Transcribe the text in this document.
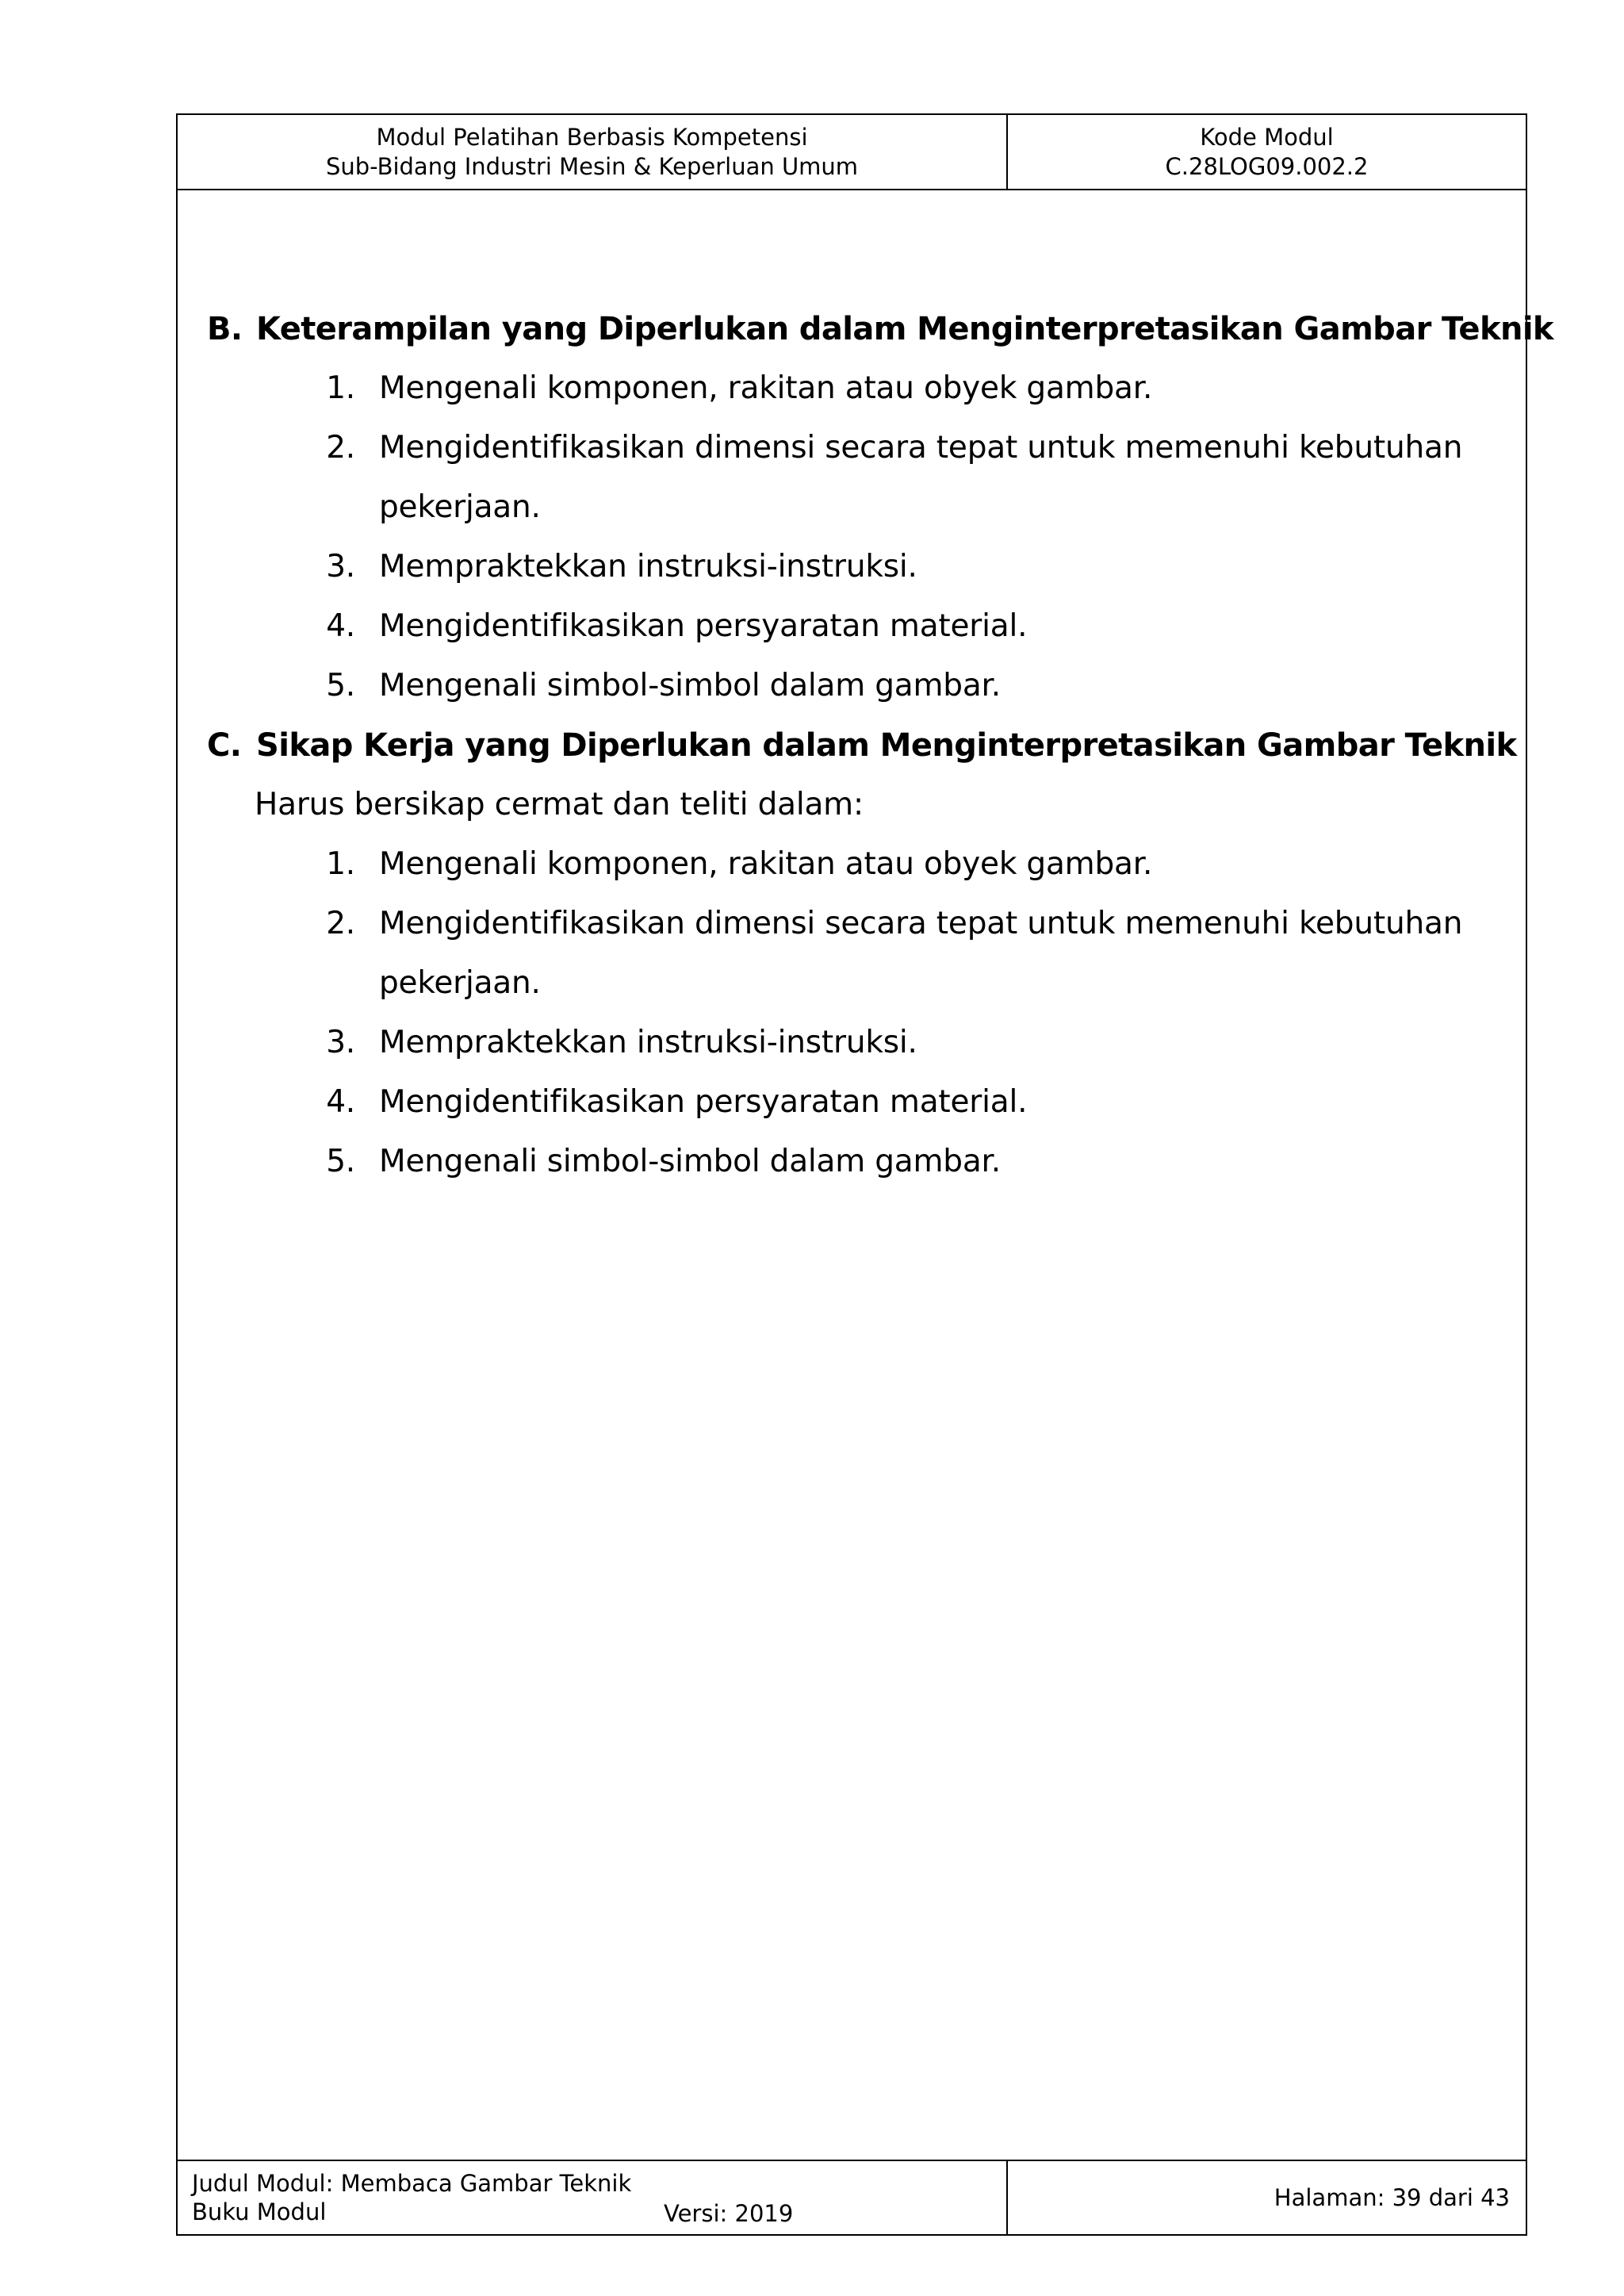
Modul Pelatihan Berbasis Kompetensi
Sub-Bidang Industri Mesin & Keperluan Umum
Kode Modul
C.28LOG09.002.2
B. Keterampilan yang Diperlukan dalam Menginterpretasikan Gambar Teknik
1. Mengenali komponen, rakitan atau obyek gambar.
2. Mengidentifikasikan dimensi secara tepat untuk memenuhi kebutuhan
pekerjaan.
3. Mempraktekkan instruksi-instruksi.
4. Mengidentifikasikan persyaratan material.
5. Mengenali simbol-simbol dalam gambar.
C. Sikap Kerja yang Diperlukan dalam Menginterpretasikan Gambar Teknik
Harus bersikap cermat dan teliti dalam:
1. Mengenali komponen, rakitan atau obyek gambar.
2. Mengidentifikasikan dimensi secara tepat untuk memenuhi kebutuhan
pekerjaan.
3. Mempraktekkan instruksi-instruksi.
4. Mengidentifikasikan persyaratan material.
5. Mengenali simbol-simbol dalam gambar.
Judul Modul: Membaca Gambar Teknik
Buku Modul	Versi: 2019
Halaman: 39 dari 43
